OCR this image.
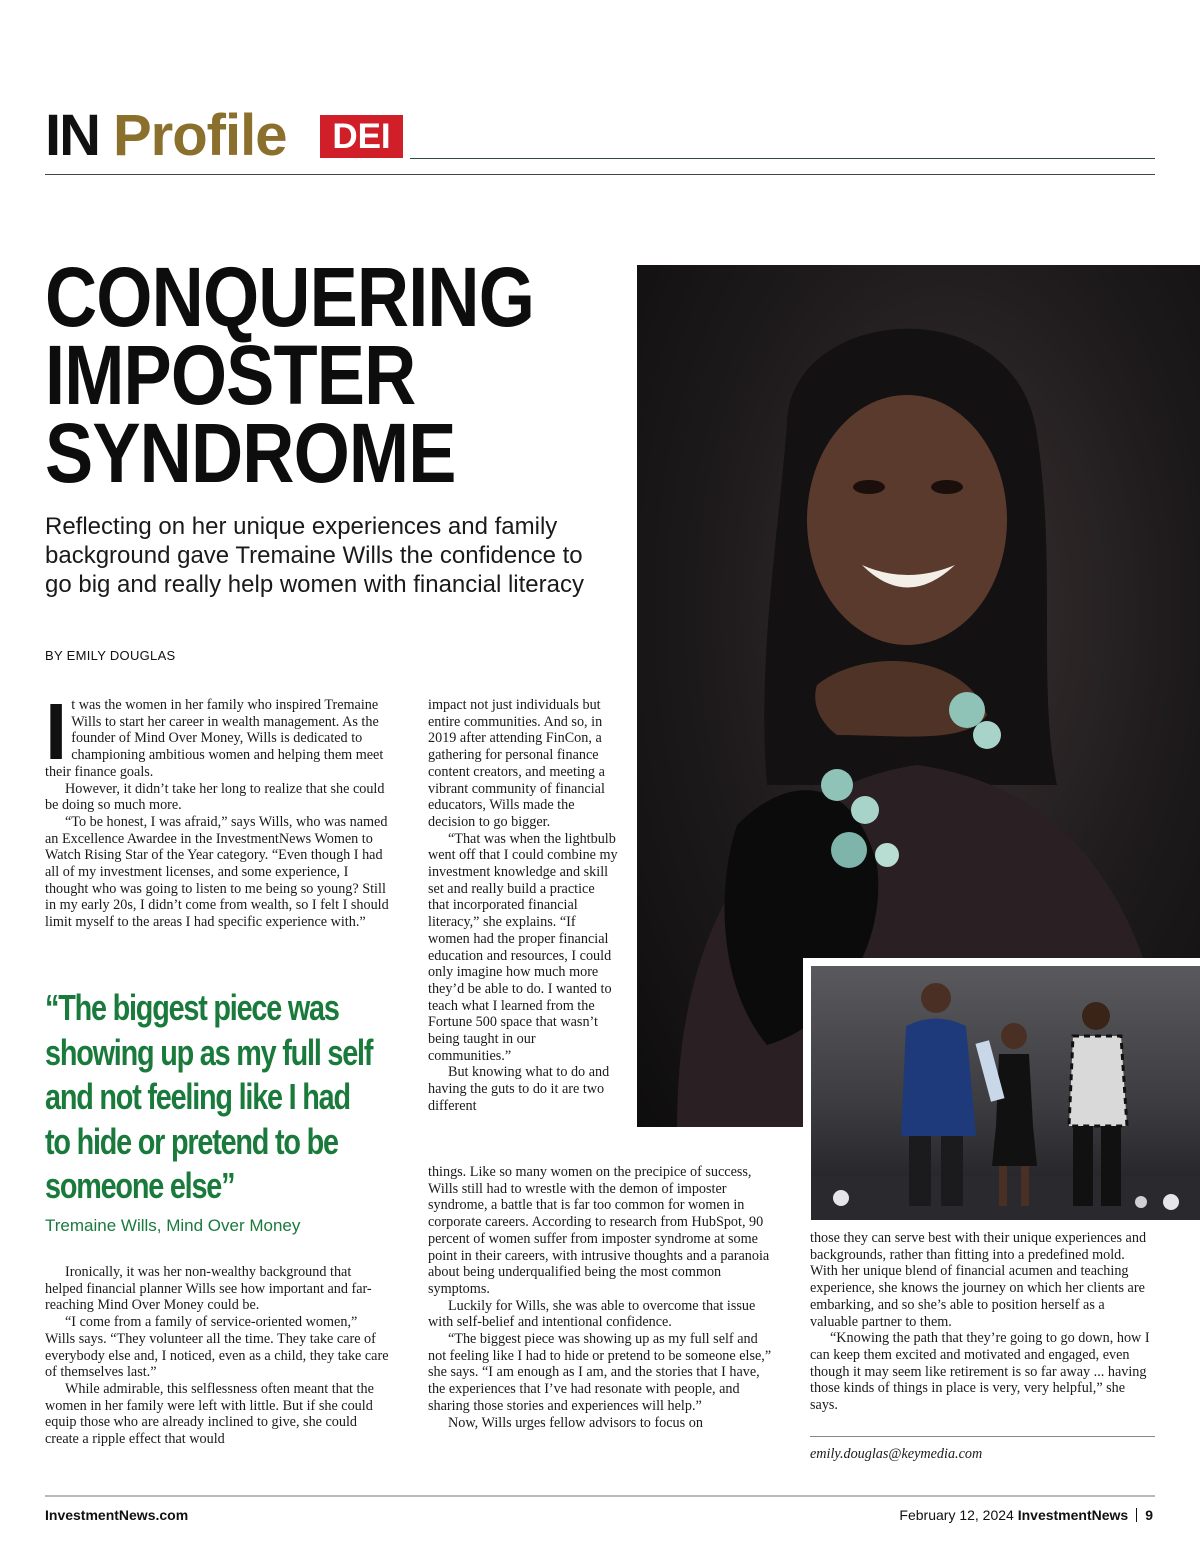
IN Profile	DEI
CONQUERING
IMPOSTER
SYNDROME
Reflecting on her unique experiences and family background gave Tremaine Wills the confidence to go big and really help women with financial literacy
BY EMILY DOUGLAS
I t was the women in her family who inspired Tremaine Wills to start her career in wealth management. As the founder of Mind Over Money, Wills is dedicated to championing ambitious women and helping them meet their finance goals.

However, it didn’t take her long to realize that she could be doing so much more.

“To be honest, I was afraid,” says Wills, who was named an Excellence Awardee in the InvestmentNews Women to Watch Rising Star of the Year category. “Even though I had all of my investment licenses, and some experience, I thought who was going to listen to me being so young? Still in my early 20s, I didn’t come from wealth, so I felt I should limit myself to the areas I had specific experience with.”

“The biggest piece was
showing up as my full self
and not feeling like I had
to hide or pretend to be
someone else”
Tremaine Wills, Mind Over Money

Ironically, it was her non-wealthy background that helped financial planner Wills see how important and far-reaching Mind Over Money could be.

“I come from a family of service-oriented women,” Wills says. “They volunteer all the time. They take care of everybody else and, I noticed, even as a child, they take care of themselves last.”

While admirable, this selflessness often meant that the women in her family were left with little. But if she could equip those who are already inclined to give, she could create a ripple effect that would

impact not just individuals but entire communities. And so, in 2019 after attending FinCon, a gathering for personal finance content creators, and meeting a vibrant community of financial educators, Wills made the decision to go bigger.

“That was when the lightbulb went off that I could combine my investment knowledge and skill set and really build a practice that incorporated financial literacy,” she explains. “If women had the proper financial education and resources, I could only imagine how much more they’d be able to do. I wanted to teach what I learned from the Fortune 500 space that wasn’t being taught in our communities.”

But knowing what to do and having the guts to do it are two different

things. Like so many women on the precipice of success, Wills still had to wrestle with the demon of imposter syndrome, a battle that is far too common for women in corporate careers. According to research from HubSpot, 90 percent of women suffer from imposter syndrome at some point in their careers, with intrusive thoughts and a paranoia about being underqualified being the most common symptoms.

Luckily for Wills, she was able to overcome that issue with self-belief and intentional confidence.

“The biggest piece was showing up as my full self and not feeling like I had to hide or pretend to be someone else,” she says. “I am enough as I am, and the stories that I have, the experiences that I’ve had resonate with people, and sharing those stories and experiences will help.”

Now, Wills urges fellow advisors to focus on

those they can serve best with their unique experiences and backgrounds, rather than fitting into a predefined mold. With her unique blend of financial acumen and teaching experience, she knows the journey on which her clients are embarking, and so she’s able to position herself as a valuable partner to them.

“Knowing the path that they’re going to go down, how I can keep them excited and motivated and engaged, even though it may seem like retirement is so far away ... having those kinds of things in place is very, very helpful,” she says.

emily.douglas@keymedia.com
InvestmentNews.com	February 12, 2024 InvestmentNews 9
